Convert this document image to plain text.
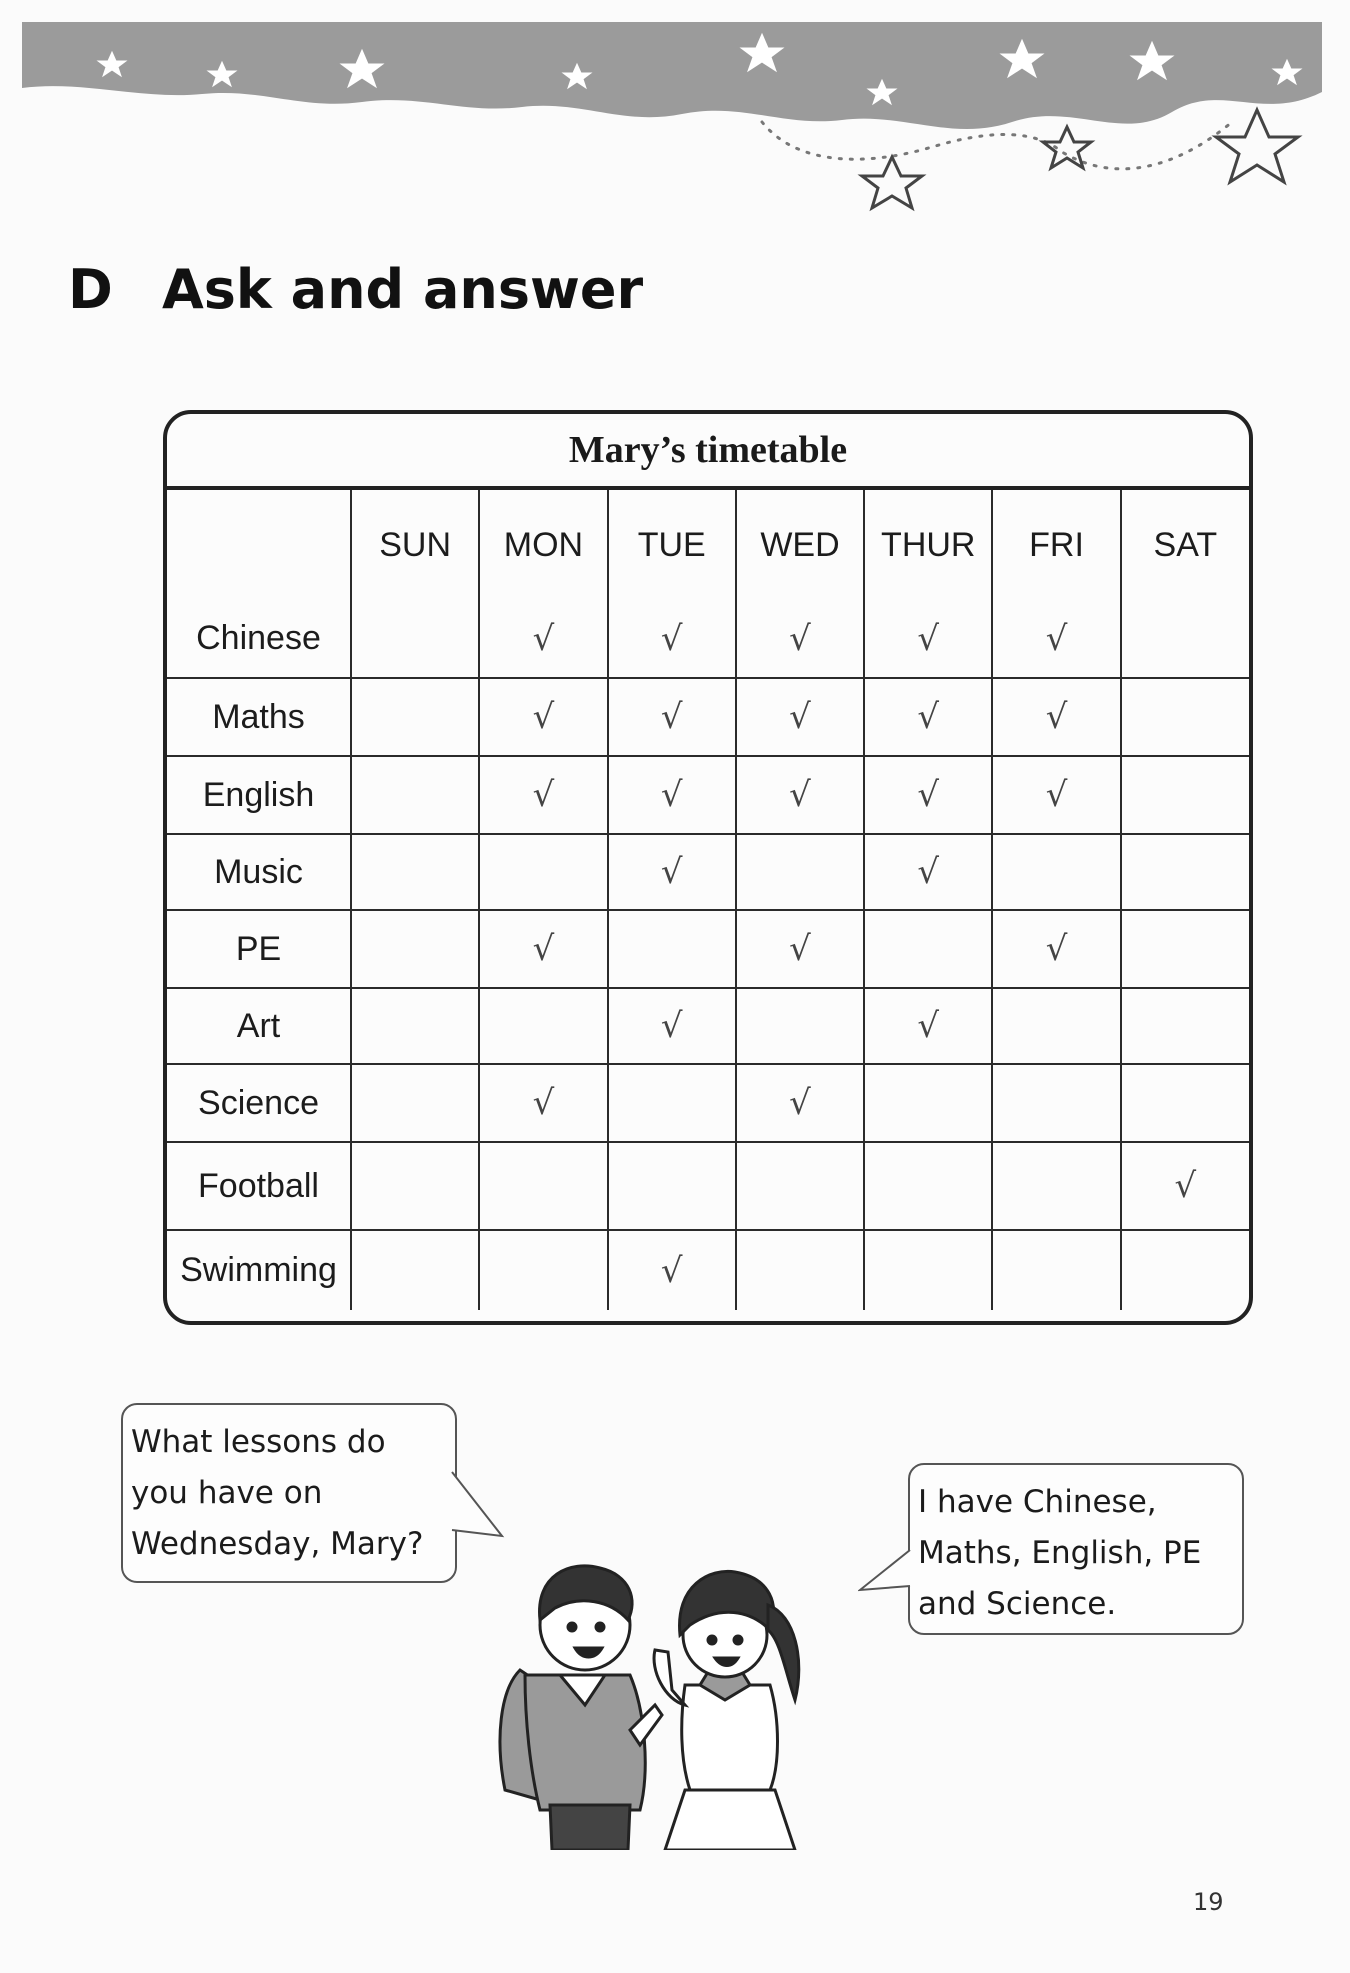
D Ask and answer
Mary’s timetable
	SUN	MON	TUE	WED	THUR	FRI	SAT
Chinese		√	√	√	√	√	
Maths		√	√	√	√	√	
English		√	√	√	√	√	
Music			√		√		
PE		√		√		√	
Art			√		√		
Science		√		√			
Football							√
Swimming			√				
What lessons do
you have on
Wednesday, Mary?
I have Chinese,
Maths, English, PE
and Science.
19
